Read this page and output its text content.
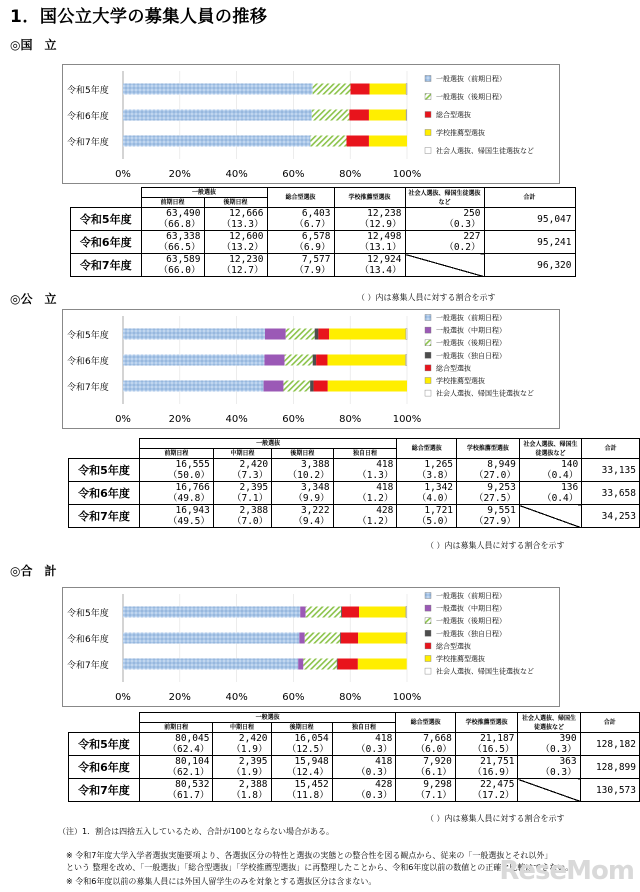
1．国公立大学の募集人員の推移
◎国　立
0%	20%	40%	60%	80%	100%
令和5年度
令和6年度
令和7年度
一般選抜（前期日程）
一般選抜（後期日程）
総合型選抜
学校推薦型選抜
社会人選抜、帰国生徒選抜など
	一般選抜		総合型選抜	学校推薦型選抜	社会人選抜、帰国生徒選抜など	合計
	前期日程	後期日程				
令和5年度	63,490	12,666	6,403	12,238	250	95,047
	（66.8）	（13.3）	（6.7）	（12.9）	（0.3）	
令和6年度	63,338	12,600	6,578	12,498	227	95,241
	（66.5）	（13.2）	（6.9）	（13.1）	（0.2）	
令和7年度	63,589	12,230	7,577	12,924		96,320
	（66.0）	（12.7）	（7.9）	（13.4）		
（ ）内は募集人員に対する割合を示す
◎公　立
0%	20%	40%	60%	80%	100%
令和5年度
令和6年度
令和7年度
一般選抜（前期日程）
一般選抜（中期日程）
一般選抜（後期日程）
一般選抜（独自日程）
総合型選抜
学校推薦型選抜
社会人選抜、帰国生徒選抜など
	一般選抜				総合型選抜	学校推薦型選抜	社会人選抜、帰国生徒選抜など	合計
	前期日程	中期日程	後期日程	独自日程				
令和5年度	16,555	2,420	3,388	418	1,265	8,949	140	33,135
	（50.0）	（7.3）	（10.2）	（1.3）	（3.8）	（27.0）	（0.4）	
令和6年度	16,766	2,395	3,348	418	1,342	9,253	136	33,658
	（49.8）	（7.1）	（9.9）	（1.2）	（4.0）	（27.5）	（0.4）	
令和7年度	16,943	2,388	3,222	428	1,721	9,551		34,253
	（49.5）	（7.0）	（9.4）	（1.2）	（5.0）	（27.9）		
（ ）内は募集人員に対する割合を示す
◎合　計
0%	20%	40%	60%	80%	100%
令和5年度
令和6年度
令和7年度
一般選抜（前期日程）
一般選抜（中期日程）
一般選抜（後期日程）
一般選抜（独自日程）
総合型選抜
学校推薦型選抜
社会人選抜、帰国生徒選抜など
	一般選抜				総合型選抜	学校推薦型選抜	社会人選抜、帰国生徒選抜など	合計
	前期日程	中期日程	後期日程	独自日程				
令和5年度	80,045	2,420	16,054	418	7,668	21,187	390	128,182
	（62.4）	（1.9）	（12.5）	（0.3）	（6.0）	（16.5）	（0.3）	
令和6年度	80,104	2,395	15,948	418	7,920	21,751	363	128,899
	（62.1）	（1.9）	（12.4）	（0.3）	（6.1）	（16.9）	（0.3）	
令和7年度	80,532	2,388	15,452	428	9,298	22,475		130,573
	（61.7）	（1.8）	（11.8）	（0.3）	（7.1）	（17.2）		
（ ）内は募集人員に対する割合を示す
（注）1．割合は四捨五入しているため、合計が100とならない場合がある。
※ 令和7年度大学入学者選抜実施要項より、各選抜区分の特性と選抜の実態との整合性を図る観点から、従来の「一般選抜とそれ以外」
という 整理を改め、「一般選抜」「総合型選抜」「学校推薦型選抜」に再整理したことから、令和6年度以前の数値との正確な比較はできない。
※ 令和6年度以前の募集人員には外国人留学生のみを対象とする選抜区分は含まない。	ReseMom
